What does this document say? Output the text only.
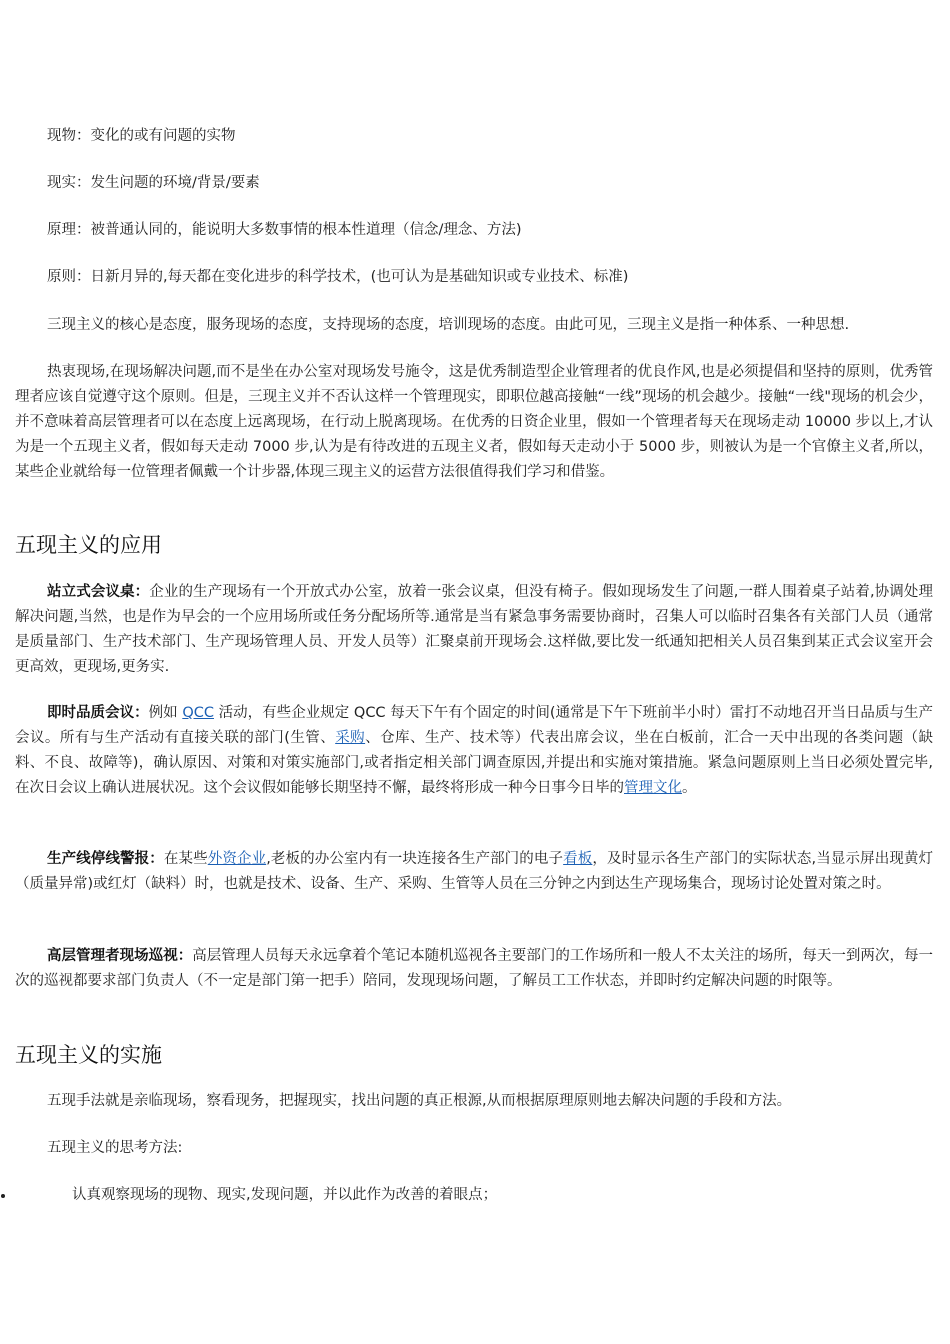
现物：变化的或有问题的实物

现实：发生问题的环境/背景/要素

原理：被普通认同的，能说明大多数事情的根本性道理（信念/理念、方法)

原则：日新月异的,每天都在变化进步的科学技术，(也可认为是基础知识或专业技术、标准)

三现主义的核心是态度，服务现场的态度，支持现场的态度，培训现场的态度。由此可见，三现主义是指一种体系、一种思想.

热衷现场,在现场解决问题,而不是坐在办公室对现场发号施令，这是优秀制造型企业管理者的优良作风,也是必须提倡和坚持的原则，优秀管理者应该自觉遵守这个原则。但是，三现主义并不否认这样一个管理现实，即职位越高接触“一线”现场的机会越少。接触“一线"现场的机会少，并不意味着高层管理者可以在态度上远离现场，在行动上脱离现场。在优秀的日资企业里，假如一个管理者每天在现场走动 10000 步以上,才认为是一个五现主义者，假如每天走动 7000 步,认为是有待改进的五现主义者，假如每天走动小于 5000 步，则被认为是一个官僚主义者,所以，某些企业就给每一位管理者佩戴一个计步器,体现三现主义的运营方法很值得我们学习和借鉴。

五现主义的应用

站立式会议桌：企业的生产现场有一个开放式办公室，放着一张会议桌，但没有椅子。假如现场发生了问题,一群人围着桌子站着,协调处理解决问题,当然，也是作为早会的一个应用场所或任务分配场所等.通常是当有紧急事务需要协商时，召集人可以临时召集各有关部门人员（通常是质量部门、生产技术部门、生产现场管理人员、开发人员等）汇聚桌前开现场会.这样做,要比发一纸通知把相关人员召集到某正式会议室开会更高效，更现场,更务实.

即时品质会议：例如 QCC 活动，有些企业规定 QCC 每天下午有个固定的时间(通常是下午下班前半小时）雷打不动地召开当日品质与生产会议。所有与生产活动有直接关联的部门(生管、采购、仓库、生产、技术等）代表出席会议，坐在白板前，汇合一天中出现的各类问题（缺料、不良、故障等)，确认原因、对策和对策实施部门,或者指定相关部门调查原因,并提出和实施对策措施。紧急问题原则上当日必须处置完毕,在次日会议上确认进展状况。这个会议假如能够长期坚持不懈，最终将形成一种今日事今日毕的管理文化。

生产线停线警报：在某些外资企业,老板的办公室内有一块连接各生产部门的电子看板，及时显示各生产部门的实际状态,当显示屏出现黄灯（质量异常)或红灯（缺料）时，也就是技术、设备、生产、采购、生管等人员在三分钟之内到达生产现场集合，现场讨论处置对策之时。

高层管理者现场巡视：高层管理人员每天永远拿着个笔记本随机巡视各主要部门的工作场所和一般人不太关注的场所，每天一到两次，每一次的巡视都要求部门负责人（不一定是部门第一把手）陪同，发现现场问题，了解员工工作状态，并即时约定解决问题的时限等。

五现主义的实施

五现手法就是亲临现场，察看现务，把握现实，找出问题的真正根源,从而根据原理原则地去解决问题的手段和方法。

五现主义的思考方法:

认真观察现场的现物、现实,发现问题，并以此作为改善的着眼点；
